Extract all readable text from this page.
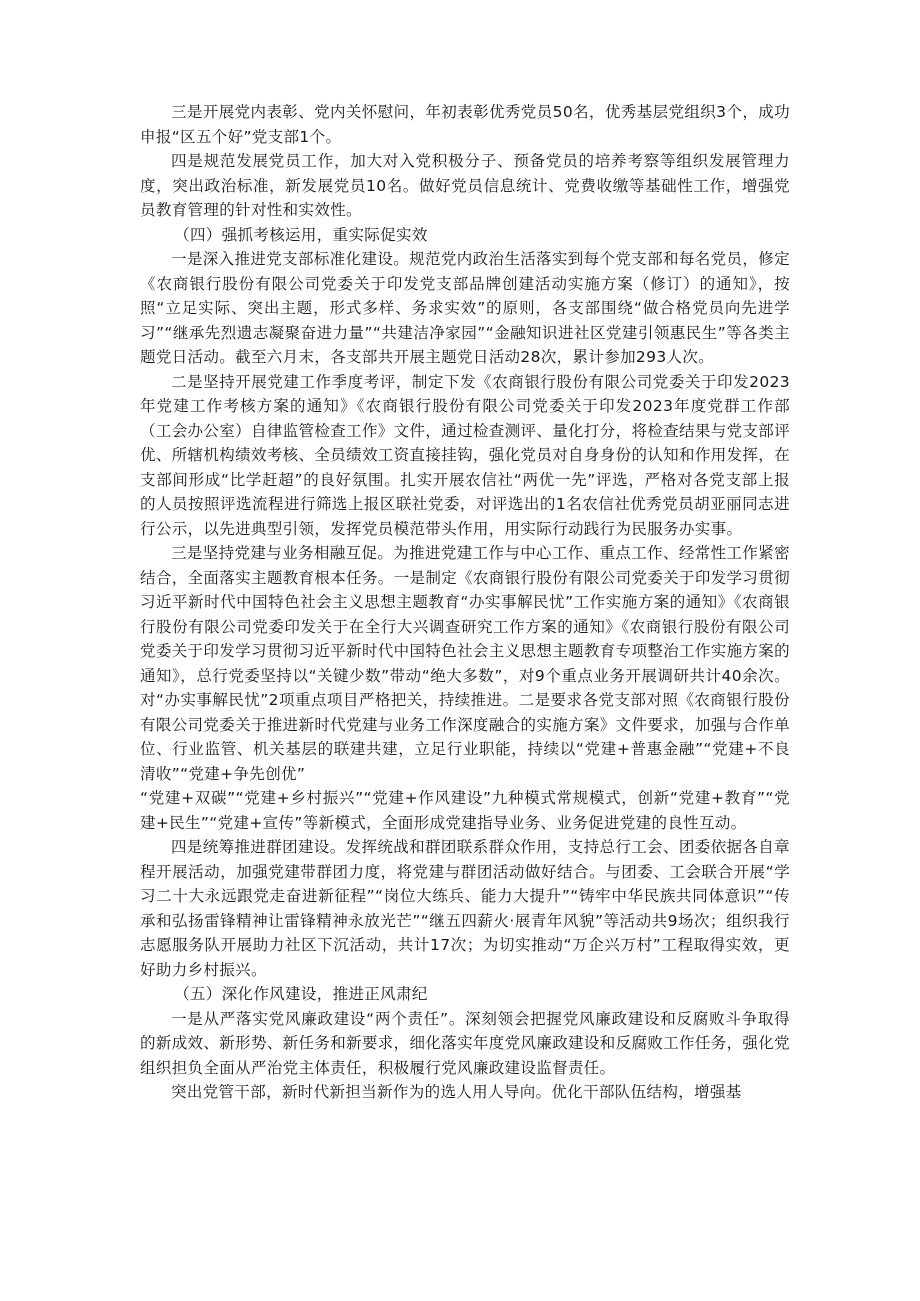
三是开展党内表彰、党内关怀慰问，年初表彰优秀党员50名，优秀基层党组织3个，成功申报“区五个好”党支部1个。

四是规范发展党员工作，加大对入党积极分子、预备党员的培养考察等组织发展管理力度，突出政治标准，新发展党员10名。做好党员信息统计、党费收缴等基础性工作，增强党员教育管理的针对性和实效性。

（四）强抓考核运用，重实际促实效

一是深入推进党支部标准化建设。规范党内政治生活落实到每个党支部和每名党员，修定《农商银行股份有限公司党委关于印发党支部品牌创建活动实施方案（修订）的通知》，按照“立足实际、突出主题，形式多样、务求实效”的原则，各支部围绕“做合格党员向先进学习”“继承先烈遗志凝聚奋进力量”“共建洁净家园”“金融知识进社区党建引领惠民生”等各类主题党日活动。截至六月末，各支部共开展主题党日活动28次，累计参加293人次。

二是坚持开展党建工作季度考评，制定下发《农商银行股份有限公司党委关于印发2023年党建工作考核方案的通知》《农商银行股份有限公司党委关于印发2023年度党群工作部（工会办公室）自律监管检查工作》文件，通过检查测评、量化打分，将检查结果与党支部评优、所辖机构绩效考核、全员绩效工资直接挂钩，强化党员对自身身份的认知和作用发挥，在支部间形成“比学赶超”的良好氛围。扎实开展农信社“两优一先”评选，严格对各党支部上报的人员按照评选流程进行筛选上报区联社党委，对评选出的1名农信社优秀党员胡亚丽同志进行公示，以先进典型引领，发挥党员模范带头作用，用实际行动践行为民服务办实事。

三是坚持党建与业务相融互促。为推进党建工作与中心工作、重点工作、经常性工作紧密结合，全面落实主题教育根本任务。一是制定《农商银行股份有限公司党委关于印发学习贯彻习近平新时代中国特色社会主义思想主题教育“办实事解民忧”工作实施方案的通知》《农商银行股份有限公司党委印发关于在全行大兴调查研究工作方案的通知》《农商银行股份有限公司党委关于印发学习贯彻习近平新时代中国特色社会主义思想主题教育专项整治工作实施方案的通知》，总行党委坚持以“关键少数”带动“绝大多数”，对9个重点业务开展调研共计40余次。对“办实事解民忧”2项重点项目严格把关，持续推进。二是要求各党支部对照《农商银行股份有限公司党委关于推进新时代党建与业务工作深度融合的实施方案》文件要求，加强与合作单位、行业监管、机关基层的联建共建，立足行业职能，持续以“党建+普惠金融”“党建+不良清收”“党建+争先创优”

“党建+双碳”“党建+乡村振兴”“党建+作风建设”九种模式常规模式，创新“党建+教育”“党建+民生”“党建+宣传”等新模式，全面形成党建指导业务、业务促进党建的良性互动。

四是统筹推进群团建设。发挥统战和群团联系群众作用，支持总行工会、团委依据各自章程开展活动，加强党建带群团力度，将党建与群团活动做好结合。与团委、工会联合开展“学习二十大永远跟党走奋进新征程”“岗位大练兵、能力大提升”“铸牢中华民族共同体意识”“传承和弘扬雷锋精神让雷锋精神永放光芒”“继五四薪火·展青年风貌”等活动共9场次；组织我行志愿服务队开展助力社区下沉活动，共计17次；为切实推动“万企兴万村”工程取得实效，更好助力乡村振兴。

（五）深化作风建设，推进正风肃纪

一是从严落实党风廉政建设“两个责任”。深刻领会把握党风廉政建设和反腐败斗争取得的新成效、新形势、新任务和新要求，细化落实年度党风廉政建设和反腐败工作任务，强化党组织担负全面从严治党主体责任，积极履行党风廉政建设监督责任。

突出党管干部，新时代新担当新作为的选人用人导向。优化干部队伍结构，增强基
